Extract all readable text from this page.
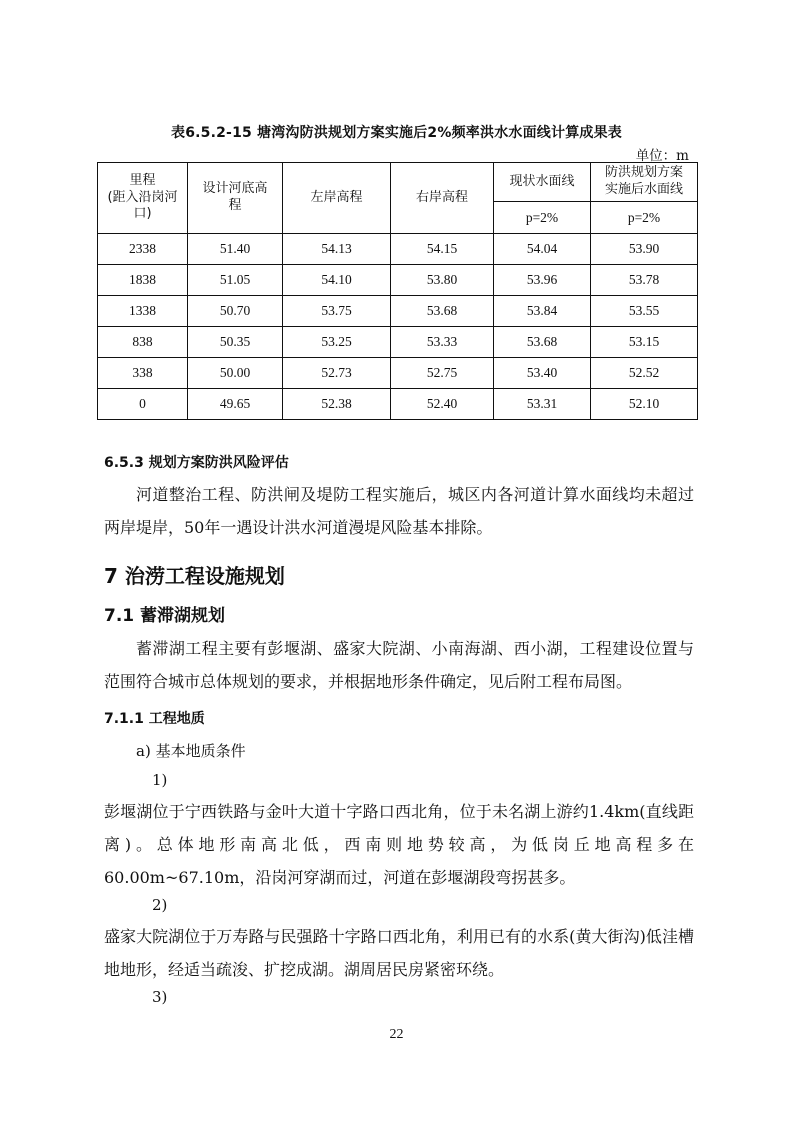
表6.5.2-15 塘湾沟防洪规划方案实施后2%频率洪水水面线计算成果表
单位：m
里程
(距入沿岗河
口)	设计河底高
程	左岸高程	右岸高程	现状水面线	防洪规划方案
实施后水面线
				p=2%	p=2%
2338	51.40	54.13	54.15	54.04	53.90
1838	51.05	54.10	53.80	53.96	53.78
1338	50.70	53.75	53.68	53.84	53.55
838	50.35	53.25	53.33	53.68	53.15
338	50.00	52.73	52.75	53.40	52.52
0	49.65	52.38	52.40	53.31	52.10
6.5.3 规划方案防洪风险评估
河道整治工程、防洪闸及堤防工程实施后，城区内各河道计算水面线均未超过两岸堤岸，50年一遇设计洪水河道漫堤风险基本排除。
7 治涝工程设施规划
7.1 蓄滞湖规划
蓄滞湖工程主要有彭堰湖、盛家大院湖、小南海湖、西小湖，工程建设位置与范围符合城市总体规划的要求，并根据地形条件确定，见后附工程布局图。
7.1.1 工程地质
a) 基本地质条件
1)
彭堰湖位于宁西铁路与金叶大道十字路口西北角，位于未名湖上游约1.4km(直线距离)。总体地形南高北低，西南则地势较高，为低岗丘地高程多在60.00m~67.10m，沿岗河穿湖而过，河道在彭堰湖段弯拐甚多。
2)
盛家大院湖位于万寿路与民强路十字路口西北角，利用已有的水系(黄大街沟)低洼槽地地形，经适当疏浚、扩挖成湖。湖周居民房紧密环绕。
3)
22
